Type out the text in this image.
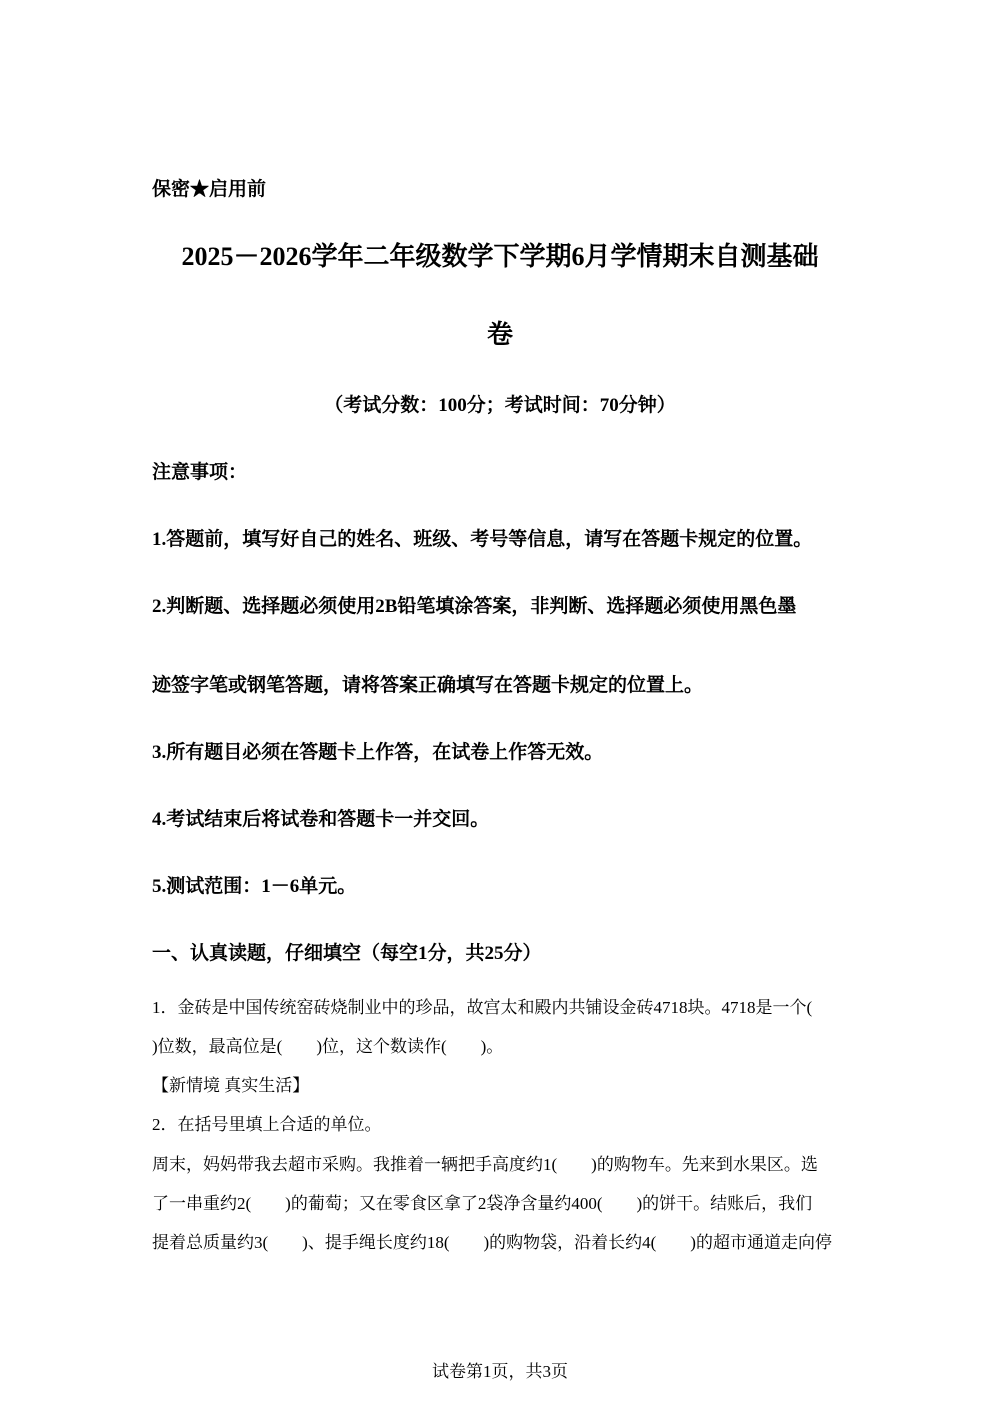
保密★启用前
2025－2026学年二年级数学下学期6月学情期末自测基础
卷
（考试分数：100分；考试时间：70分钟）
注意事项：
1.答题前，填写好自己的姓名、班级、考号等信息，请写在答题卡规定的位置。
2.判断题、选择题必须使用2B铅笔填涂答案，非判断、选择题必须使用黑色墨
迹签字笔或钢笔答题，请将答案正确填写在答题卡规定的位置上。
3.所有题目必须在答题卡上作答，在试卷上作答无效。
4.考试结束后将试卷和答题卡一并交回。
5.测试范围：1－6单元。
一、认真读题，仔细填空（每空1分，共25分）
1．金砖是中国传统窑砖烧制业中的珍品，故宫太和殿内共铺设金砖4718块。4718是一个(
)位数，最高位是(　　)位，这个数读作(　　)。
【新情境 真实生活】
2．在括号里填上合适的单位。
周末，妈妈带我去超市采购。我推着一辆把手高度约1(　　)的购物车。先来到水果区。选
了一串重约2(　　)的葡萄；又在零食区拿了2袋净含量约400(　　)的饼干。结账后，我们
提着总质量约3(　　)、提手绳长度约18(　　)的购物袋，沿着长约4(　　)的超市通道走向停
试卷第1页，共3页
